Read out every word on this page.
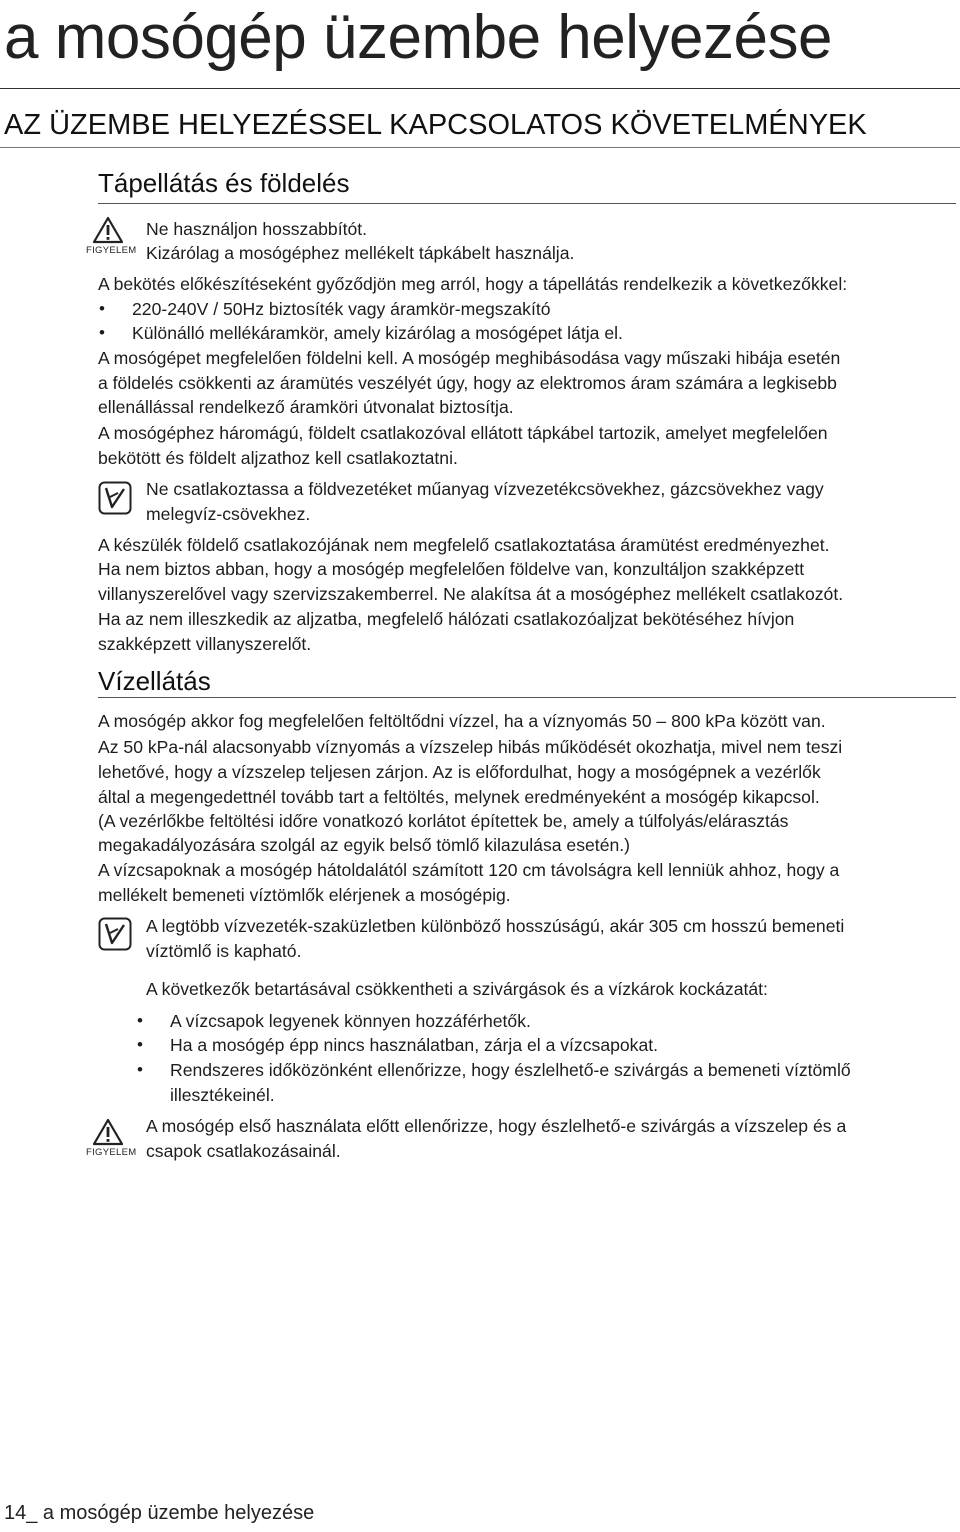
a mosógép üzembe helyezése
AZ ÜZEMBE HELYEZÉSSEL KAPCSOLATOS KÖVETELMÉNYEK
Tápellátás és földelés
FIGYELEM
Ne használjon hosszabbítót.
Kizárólag a mosógéphez mellékelt tápkábelt használja.
A bekötés előkészítéseként győződjön meg arról, hogy a tápellátás rendelkezik a következőkkel:
• 220-240V / 50Hz biztosíték vagy áramkör-megszakító
• Különálló mellékáramkör, amely kizárólag a mosógépet látja el.
A mosógépet megfelelően földelni kell. A mosógép meghibásodása vagy műszaki hibája esetén
a földelés csökkenti az áramütés veszélyét úgy, hogy az elektromos áram számára a legkisebb
ellenállással rendelkező áramköri útvonalat biztosítja.
A mosógéphez háromágú, földelt csatlakozóval ellátott tápkábel tartozik, amelyet megfelelően
bekötött és földelt aljzathoz kell csatlakoztatni.
Ne csatlakoztassa a földvezetéket műanyag vízvezetékcsövekhez, gázcsövekhez vagy
melegvíz-csövekhez.
A készülék földelő csatlakozójának nem megfelelő csatlakoztatása áramütést eredményezhet.
Ha nem biztos abban, hogy a mosógép megfelelően földelve van, konzultáljon szakképzett
villanyszerelővel vagy szervizszakemberrel. Ne alakítsa át a mosógéphez mellékelt csatlakozót.
Ha az nem illeszkedik az aljzatba, megfelelő hálózati csatlakozóaljzat bekötéséhez hívjon
szakképzett villanyszerelőt.
Vízellátás
A mosógép akkor fog megfelelően feltöltődni vízzel, ha a víznyomás 50 – 800 kPa között van.
Az 50 kPa-nál alacsonyabb víznyomás a vízszelep hibás működését okozhatja, mivel nem teszi
lehetővé, hogy a vízszelep teljesen zárjon. Az is előfordulhat, hogy a mosógépnek a vezérlők
által a megengedettnél tovább tart a feltöltés, melynek eredményeként a mosógép kikapcsol.
(A vezérlőkbe feltöltési időre vonatkozó korlátot építettek be, amely a túlfolyás/elárasztás
megakadályozására szolgál az egyik belső tömlő kilazulása esetén.)
A vízcsapoknak a mosógép hátoldalától számított 120 cm távolságra kell lenniük ahhoz, hogy a
mellékelt bemeneti víztömlők elérjenek a mosógépig.
A legtöbb vízvezeték-szaküzletben különböző hosszúságú, akár 305 cm hosszú bemeneti
víztömlő is kapható.
A következők betartásával csökkentheti a szivárgások és a vízkárok kockázatát:
• A vízcsapok legyenek könnyen hozzáférhetők.
• Ha a mosógép épp nincs használatban, zárja el a vízcsapokat.
• Rendszeres időközönként ellenőrizze, hogy észlelhető-e szivárgás a bemeneti víztömlő
illesztékeinél.
FIGYELEM
A mosógép első használata előtt ellenőrizze, hogy észlelhető-e szivárgás a vízszelep és a
csapok csatlakozásainál.
14_ a mosógép üzembe helyezése
